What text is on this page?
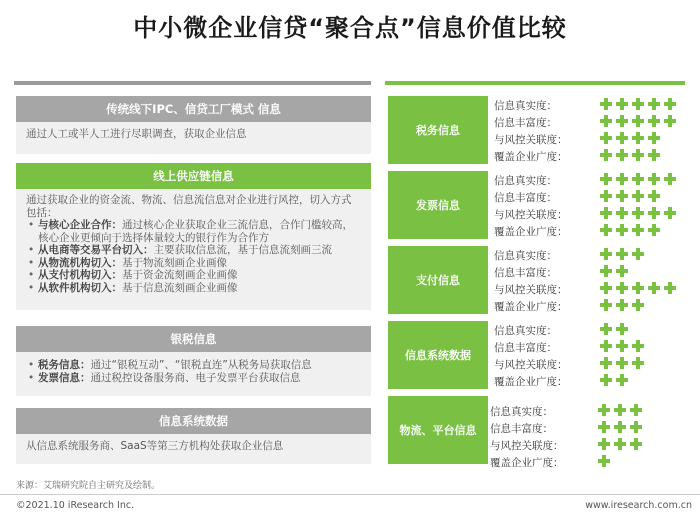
中小微企业信贷“聚合点”信息价值比较
传统线下IPC、信贷工厂模式 信息
通过人工或半人工进行尽职调查，获取企业信息
线上供应链信息
通过获取企业的资金流、物流、信息流信息对企业进行风控，切入方式包括：
• 与核心企业合作：通过核心企业获取企业三流信息，合作门槛较高，
核心企业更倾向于选择体量较大的银行作为合作方
• 从电商等交易平台切入：主要获取信息流，基于信息流刻画三流
• 从物流机构切入：基于物流刻画企业画像
• 从支付机构切入：基于资金流刻画企业画像
• 从软件机构切入：基于信息流刻画企业画像
银税信息
• 税务信息：通过“银税互动”、“银税直连”从税务局获取信息
• 发票信息：通过税控设备服务商、电子发票平台获取信息
信息系统数据
从信息系统服务商、SaaS等第三方机构处获取企业信息
税务信息
发票信息
支付信息
信息系统数据
物流、平台信息
信息真实度：
信息丰富度：
与风控关联度：
覆盖企业广度：
信息真实度：
信息丰富度：
与风控关联度：
覆盖企业广度：
信息真实度：
信息丰富度：
与风控关联度：
覆盖企业广度：
信息真实度：
信息丰富度：
与风控关联度：
覆盖企业广度：
信息真实度：
信息丰富度：
与风控关联度：
覆盖企业广度：
来源：艾瑞研究院自主研究及绘制。
©2021.10 iResearch Inc.	www.iresearch.com.cn
